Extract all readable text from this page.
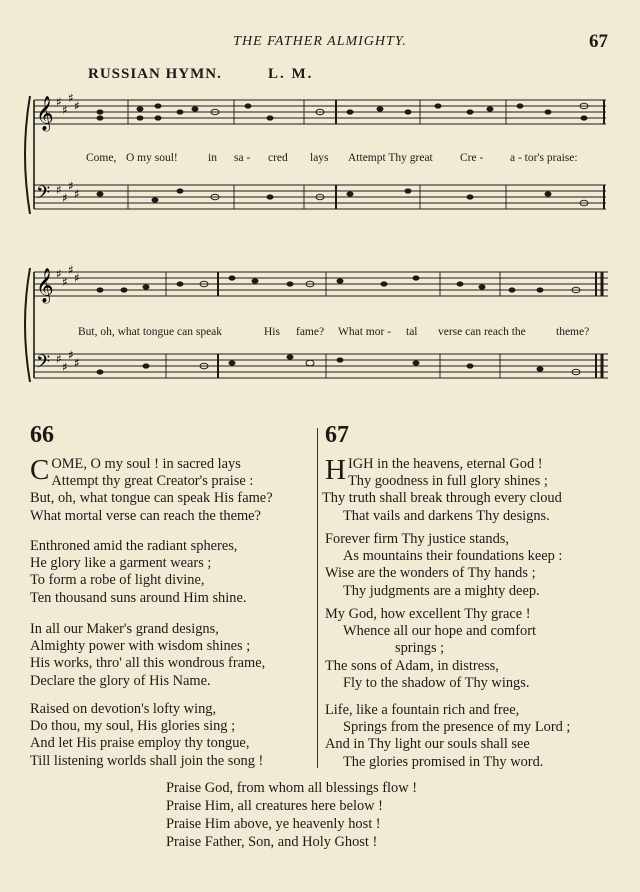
THE FATHER ALMIGHTY.	67
RUSSIAN HYMN.	L. M.
𝄞
𝄢
♯
♯
♯
♯
♯
♯
♯
♯
Come, O my soul!	in sa - cred lays Attempt Thy great Cre - a - tor's praise:
𝄞
𝄢
♯
♯
♯
♯
♯
♯
♯
♯
But, oh, what tongue can speak	His fame? What mor - tal verse can reach the	theme?
66
COME, O my soul ! in sacred lays
Attempt thy great Creator's praise :
But, oh, what tongue can speak His fame?
What mortal verse can reach the theme?
Enthroned amid the radiant spheres,
He glory like a garment wears ;
To form a robe of light divine,
Ten thousand suns around Him shine.
In all our Maker's grand designs,
Almighty power with wisdom shines ;
His works, thro' all this wondrous frame,
Declare the glory of His Name.
Raised on devotion's lofty wing,
Do thou, my soul, His glories sing ;
And let His praise employ thy tongue,
Till listening worlds shall join the song !
67
HIGH in the heavens, eternal God !
Thy goodness in full glory shines ;
Thy truth shall break through every cloud
That vails and darkens Thy designs.
Forever firm Thy justice stands,
As mountains their foundations keep :
Wise are the wonders of Thy hands ;
Thy judgments are a mighty deep.
My God, how excellent Thy grace !
Whence all our hope and comfort
springs ;
The sons of Adam, in distress,
Fly to the shadow of Thy wings.
Life, like a fountain rich and free,
Springs from the presence of my Lord ;
And in Thy light our souls shall see
The glories promised in Thy word.
Praise God, from whom all blessings flow !
Praise Him, all creatures here below !
Praise Him above, ye heavenly host !
Praise Father, Son, and Holy Ghost !
